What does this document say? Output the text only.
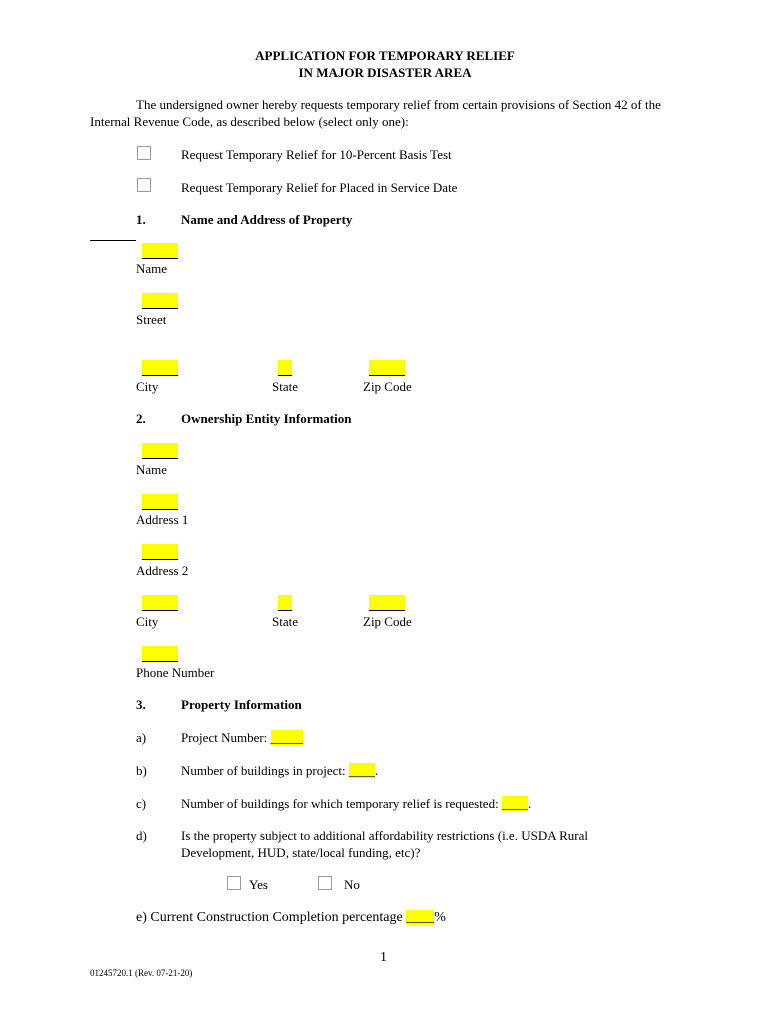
APPLICATION FOR TEMPORARY RELIEF
IN MAJOR DISASTER AREA
The undersigned owner hereby requests temporary relief from certain provisions of Section 42 of the Internal Revenue Code, as described below (select only one):
Request Temporary Relief for 10-Percent Basis Test
Request Temporary Relief for Placed in Service Date
1.	Name and Address of Property
Name
Street
City	State	Zip Code
2.	Ownership Entity Information
Name
Address 1
Address 2
City	State	Zip Code
Phone Number
3.	Property Information
a)	Project Number: _____
b)	Number of buildings in project: ____.
c)	Number of buildings for which temporary relief is requested: ____.
d)	Is the property subject to additional affordability restrictions (i.e. USDA Rural
Development, HUD, state/local funding, etc)?
Yes	No
e) Current Construction Completion percentage ____%
1
01245720.1 (Rev. 07-21-20)
